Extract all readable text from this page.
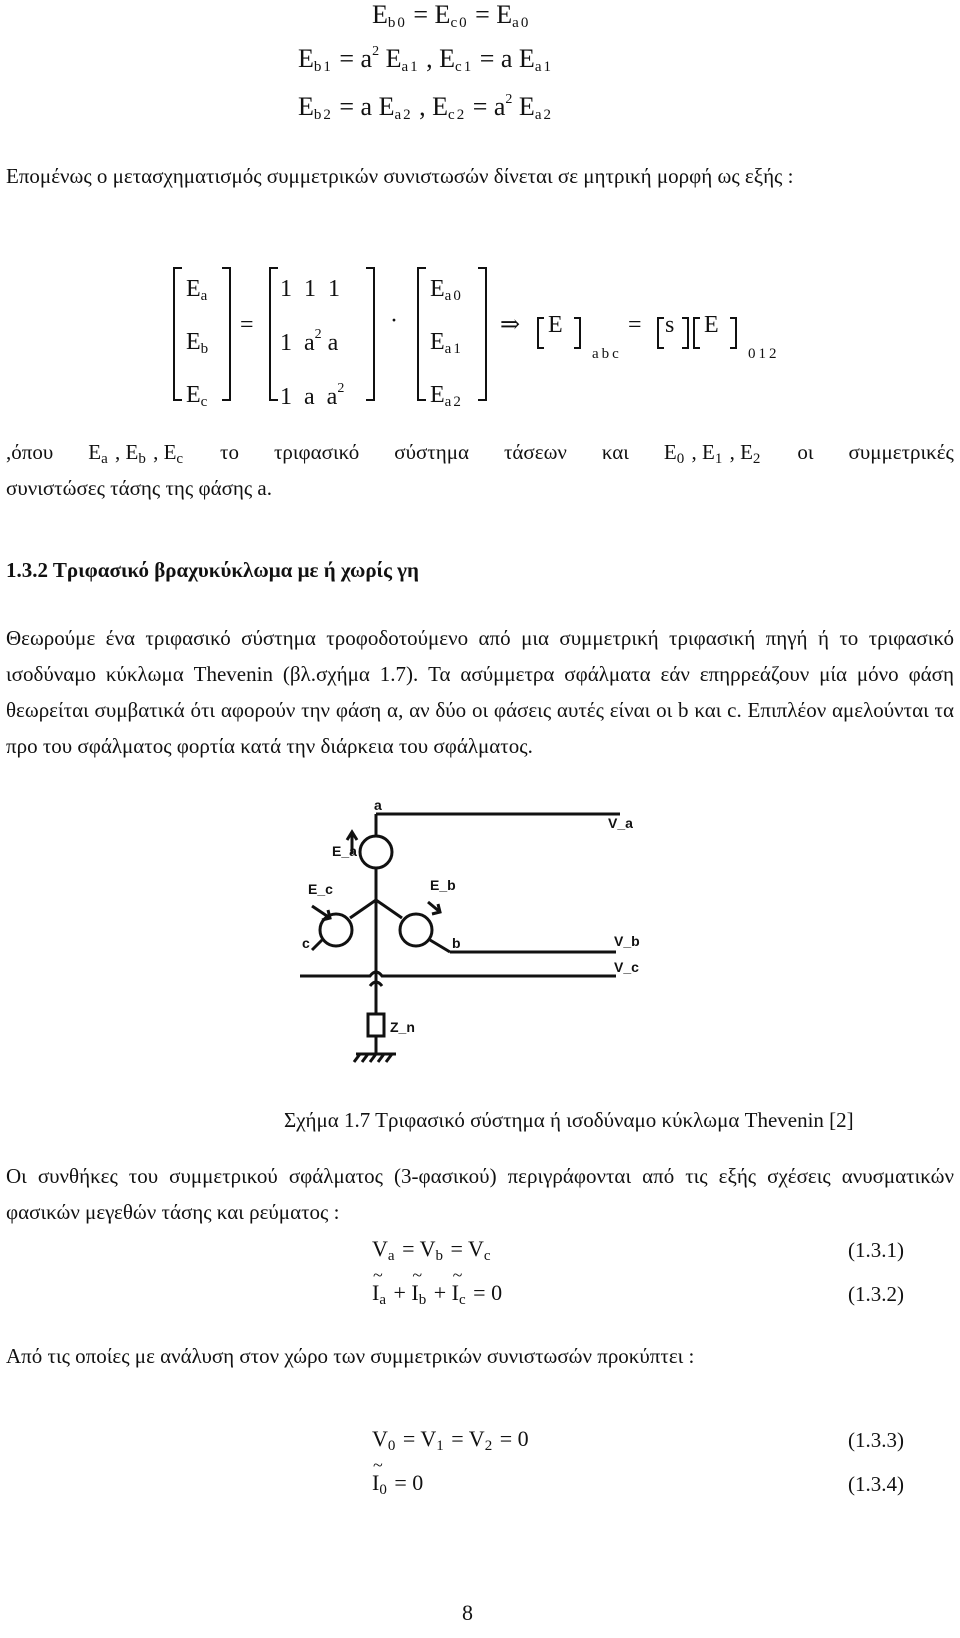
$E_{b0} = E_{c0} = E_{a0}$
$E_{b1} = a^2$ $E_{a1}$ , $E_{c1} = a$ $E_{a1}$
$E_{b2} = a$ $E_{a2}$ , $E_{c2} = a^2$ $E_{a2}$
Επομένως ο μετασχηματισμός συμμετρικών συνιστωσών δίνεται σε μητρική μορφή ως εξής :
$E_a$
$E_b$
$E_c$
=
1  1  1
1  $a^2$ a
1  a  $a^2$
·
$E_{a0}$
$E_{a1}$
$E_{a2}$
⇒ E
abc
= s E
012
,όπου $E_a$ , $E_b$ , $E_c$ το τριφασικό σύστημα τάσεων και $E_0$ , $E_1$ , $E_2$ οι συμμετρικές
συνιστώσες τάσης της φάσης a.
1.3.2 Τριφασικό βραχυκύκλωμα με ή χωρίς γη
Θεωρούμε ένα τριφασικό σύστημα τροφοδοτούμενο από μια συμμετρική τριφασική πηγή ή το τριφασικό ισοδύναμο κύκλωμα Thevenin (βλ.σχήμα 1.7). Τα ασύμμετρα σφάλματα εάν επηρρεάζουν μία μόνο φάση θεωρείται συμβατικά ότι αφορούν την φάση α, αν δύο οι φάσεις αυτές είναι οι b και c. Επιπλέον αμελούνται τα προ του σφάλματος φορτία κατά την διάρκεια του σφάλματος.
a
c	b
V_a
V_b
V_c
E_a
E_c	E_b
Z_n
Σχήμα 1.7 Τριφασικό σύστημα ή ισοδύναμο κύκλωμα Thevenin [2]
Οι συνθήκες του συμμετρικού σφάλματος (3-φασικού) περιγράφονται από τις εξής σχέσεις ανυσματικών φασικών μεγεθών τάσης και ρεύματος :
$V_a = V_b = V_c$	(1.3.1)
~ $I_a$ + ~ $I_b$ + ~ $I_c = 0$	(1.3.2)
Από τις οποίες με ανάλυση στον χώρο των συμμετρικών συνιστωσών προκύπτει :
$V_0 = V_1 = V_2 = 0$	(1.3.3)
~ $I_0 = 0$	(1.3.4)
8
